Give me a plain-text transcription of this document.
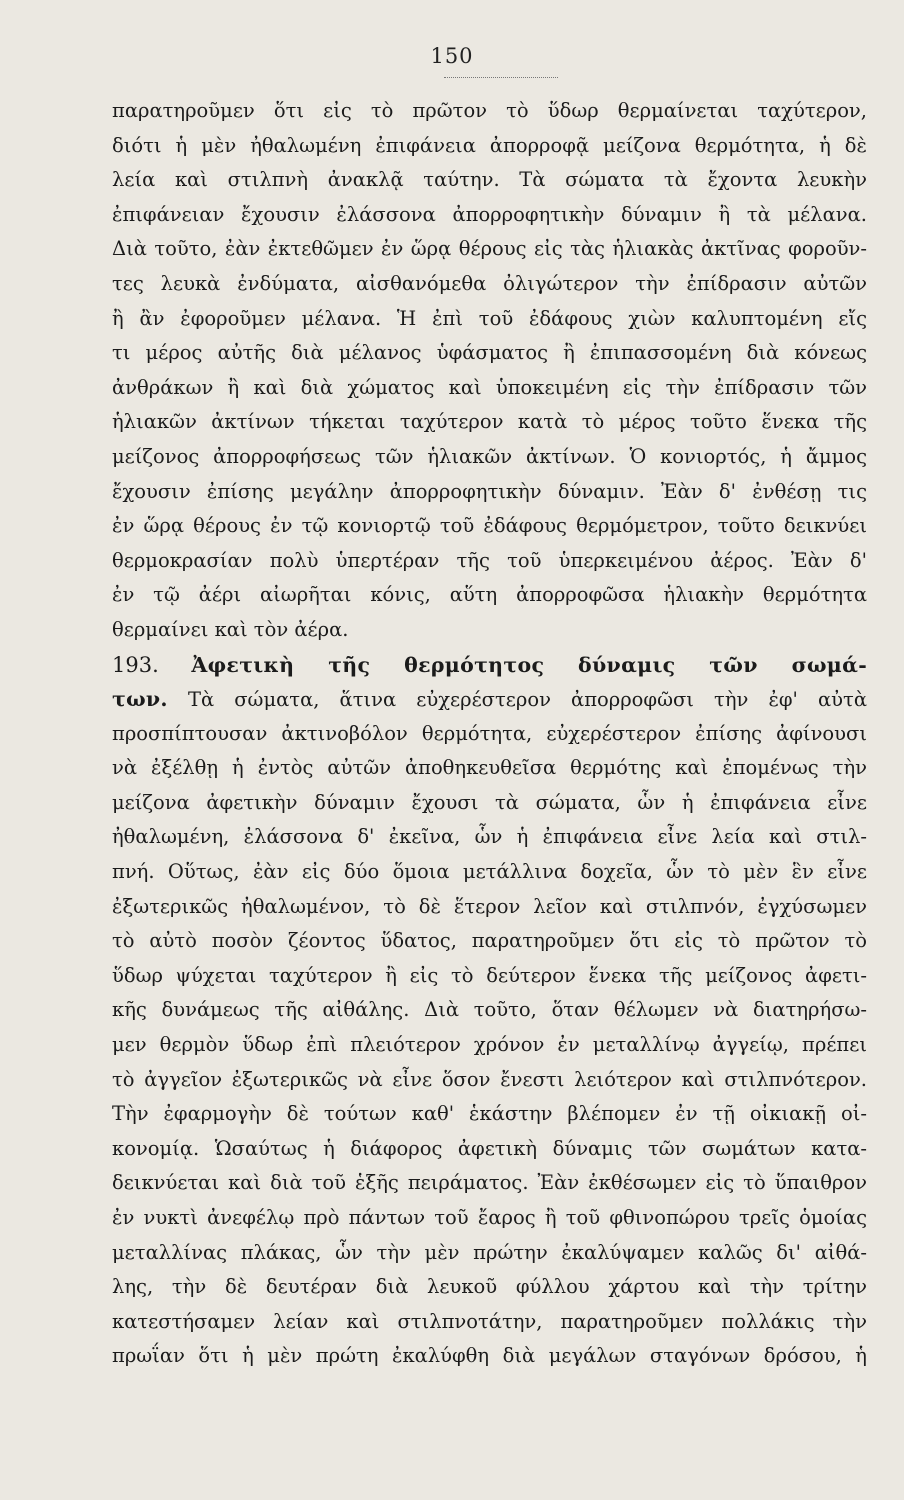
150
παρατηροῦμεν ὅτι εἰς τὸ πρῶτον τὸ ὕδωρ θερμαίνεται ταχύτερον,
διότι ἡ μὲν ἠθαλωμένη ἐπιφάνεια ἀπορροφᾷ μείζονα θερμότητα, ἡ δὲ
λεία καὶ στιλπνὴ ἀνακλᾷ ταύτην. Τὰ σώματα τὰ ἔχοντα λευκὴν
ἐπιφάνειαν ἔχουσιν ἐλάσσονα ἀπορροφητικὴν δύναμιν ἢ τὰ μέλανα.
Διὰ τοῦτο, ἐὰν ἐκτεθῶμεν ἐν ὥρᾳ θέρους εἰς τὰς ἡλιακὰς ἀκτῖνας φοροῦν-
τες λευκὰ ἐνδύματα, αἰσθανόμεθα ὀλιγώτερον τὴν ἐπίδρασιν αὐτῶν
ἢ ἂν ἐφοροῦμεν μέλανα. Ἡ ἐπὶ τοῦ ἐδάφους χιὼν καλυπτομένη εἴς
τι μέρος αὐτῆς διὰ μέλανος ὑφάσματος ἢ ἐπιπασσομένη διὰ κόνεως
ἀνθράκων ἢ καὶ διὰ χώματος καὶ ὑποκειμένη εἰς τὴν ἐπίδρασιν τῶν
ἡλιακῶν ἀκτίνων τήκεται ταχύτερον κατὰ τὸ μέρος τοῦτο ἕνεκα τῆς
μείζονος ἀπορροφήσεως τῶν ἡλιακῶν ἀκτίνων. Ὁ κονιορτός, ἡ ἄμμος
ἔχουσιν ἐπίσης μεγάλην ἀπορροφητικὴν δύναμιν. Ἐὰν δ' ἐνθέσῃ τις
ἐν ὥρᾳ θέρους ἐν τῷ κονιορτῷ τοῦ ἐδάφους θερμόμετρον, τοῦτο δεικνύει
θερμοκρασίαν πολὺ ὑπερτέραν τῆς τοῦ ὑπερκειμένου ἀέρος. Ἐὰν δ'
ἐν τῷ ἀέρι αἰωρῆται κόνις, αὕτη ἀπορροφῶσα ἡλιακὴν θερμότητα
θερμαίνει καὶ τὸν ἀέρα.
193. Ἀφετικὴ τῆς θερμότητος δύναμις τῶν σωμά-
των. Τὰ σώματα, ἅτινα εὐχερέστερον ἀπορροφῶσι τὴν ἐφ' αὐτὰ
προσπίπτουσαν ἀκτινοβόλον θερμότητα, εὐχερέστερον ἐπίσης ἀφίνουσι
νὰ ἐξέλθῃ ἡ ἐντὸς αὐτῶν ἀποθηκευθεῖσα θερμότης καὶ ἐπομένως τὴν
μείζονα ἀφετικὴν δύναμιν ἔχουσι τὰ σώματα, ὧν ἡ ἐπιφάνεια εἶνε
ἠθαλωμένη, ἐλάσσονα δ' ἐκεῖνα, ὧν ἡ ἐπιφάνεια εἶνε λεία καὶ στιλ-
πνή. Οὕτως, ἐὰν εἰς δύο ὅμοια μετάλλινα δοχεῖα, ὧν τὸ μὲν ἓν εἶνε
ἐξωτερικῶς ἠθαλωμένον, τὸ δὲ ἕτερον λεῖον καὶ στιλπνόν, ἐγχύσωμεν
τὸ αὐτὸ ποσὸν ζέοντος ὕδατος, παρατηροῦμεν ὅτι εἰς τὸ πρῶτον τὸ
ὕδωρ ψύχεται ταχύτερον ἢ εἰς τὸ δεύτερον ἕνεκα τῆς μείζονος ἀφετι-
κῆς δυνάμεως τῆς αἰθάλης. Διὰ τοῦτο, ὅταν θέλωμεν νὰ διατηρήσω-
μεν θερμὸν ὕδωρ ἐπὶ πλειότερον χρόνον ἐν μεταλλίνῳ ἀγγείῳ, πρέπει
τὸ ἀγγεῖον ἐξωτερικῶς νὰ εἶνε ὅσον ἔνεστι λειότερον καὶ στιλπνότερον.
Τὴν ἐφαρμογὴν δὲ τούτων καθ' ἑκάστην βλέπομεν ἐν τῇ οἰκιακῇ οἰ-
κονομίᾳ. Ὡσαύτως ἡ διάφορος ἀφετικὴ δύναμις τῶν σωμάτων κατα-
δεικνύεται καὶ διὰ τοῦ ἑξῆς πειράματος. Ἐὰν ἐκθέσωμεν εἰς τὸ ὕπαιθρον
ἐν νυκτὶ ἀνεφέλῳ πρὸ πάντων τοῦ ἔαρος ἢ τοῦ φθινοπώρου τρεῖς ὁμοίας
μεταλλίνας πλάκας, ὧν τὴν μὲν πρώτην ἐκαλύψαμεν καλῶς δι' αἰθά-
λης, τὴν δὲ δευτέραν διὰ λευκοῦ φύλλου χάρτου καὶ τὴν τρίτην
κατεστήσαμεν λείαν καὶ στιλπνοτάτην, παρατηροῦμεν πολλάκις τὴν
πρωΐαν ὅτι ἡ μὲν πρώτη ἐκαλύφθη διὰ μεγάλων σταγόνων δρόσου, ἡ
